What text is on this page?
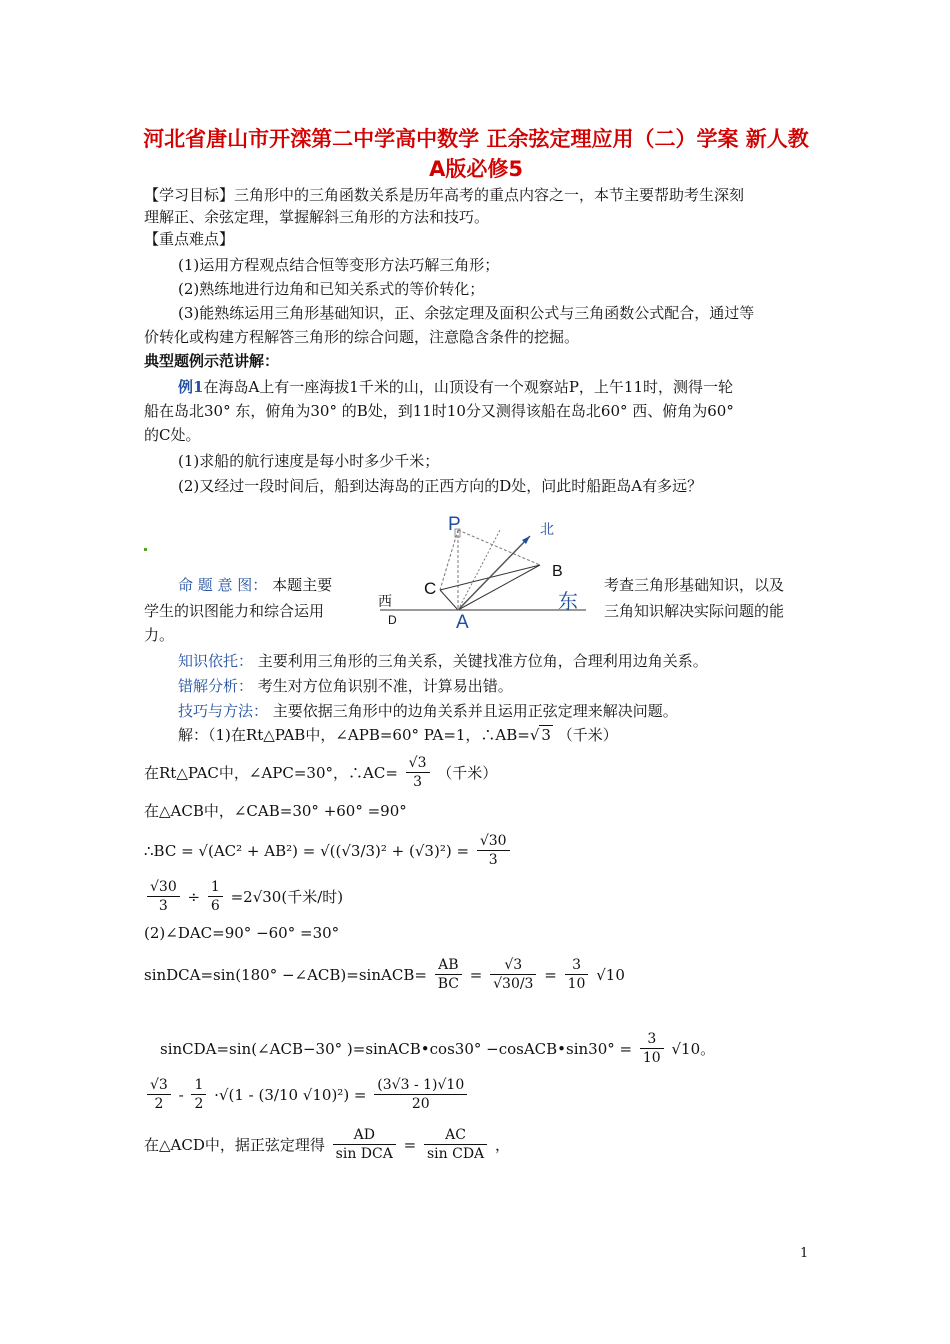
河北省唐山市开滦第二中学高中数学 正余弦定理应用（二）学案 新人教A版必修5
【学习目标】三角形中的三角函数关系是历年高考的重点内容之一，本节主要帮助考生深刻
理解正、余弦定理，掌握解斜三角形的方法和技巧。
【重点难点】
(1)运用方程观点结合恒等变形方法巧解三角形；
(2)熟练地进行边角和已知关系式的等价转化；
(3)能熟练运用三角形基础知识，正、余弦定理及面积公式与三角函数公式配合，通过等
价转化或构建方程解答三角形的综合问题，注意隐含条件的挖掘。
典型题例示范讲解：
例1在海岛A上有一座海拔1千米的山，山顶设有一个观察站P，上午11时，测得一轮
船在岛北30° 东，俯角为30° 的B处，到11时10分又测得该船在岛北60° 西、俯角为60°
的C处。
(1)求船的航行速度是每小时多少千米；
(2)又经过一段时间后，船到达海岛的正西方向的D处，问此时船距岛A有多远？
P	北
B
C
西	东
D	A
命 题 意 图： 本题主要	考查三角形基础知识，以及
学生的识图能力和综合运用	三角知识解决实际问题的能
力。
知识依托： 主要利用三角形的三角关系，关键找准方位角，合理利用边角关系。
错解分析： 考生对方位角识别不准，计算易出错。
技巧与方法： 主要依据三角形中的边角关系并且运用正弦定理来解决问题。
解：（1)在Rt△PAB中，∠APB=60° PA=1，∴AB=√ 3 （千米）
在Rt△PAC中，∠APC=30°，∴AC= $\frac{√3}{3}$ （千米）
在△ACB中，∠CAB=30° +60° =90°
∴BC = $√(AC^2 + AB^2) = √((√3/3)^2 + (√3)^2) = \frac{√30}{3}$
$\frac{√30}{3} \div \frac{1}{6} =2√30$(千米/时)
(2)∠DAC=90° −60° =30°
sinDCA=sin(180° −∠ACB)=sinACB= $\frac{AB}{BC} = \frac{√3}{√30/3} = \frac{3}{10} √10$
sinCDA=sin(∠ACB−30° )=sinACB•cos30° −cosACB•sin30° = $\frac{3}{10} √10$。
$\frac{√3}{2} - \frac{1}{2} \cdot√(1 - (3/10$ $√10)^2) = \frac{(3√3 - 1)√10}{20}$
在△ACD中，据正弦定理得 $\frac{AD}{\text{sin DCA}} = \frac{AC}{\text{sin CDA}}$ ，
1
